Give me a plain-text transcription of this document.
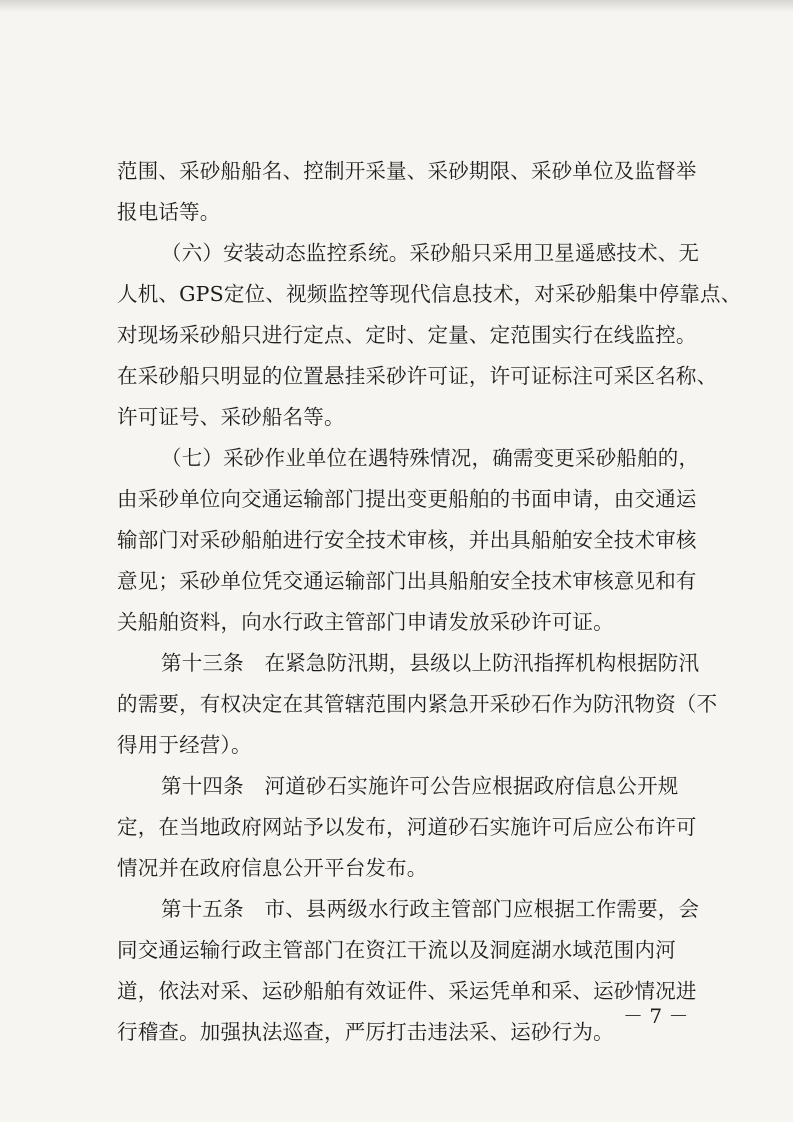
范围、采砂船船名、控制开采量、采砂期限、采砂单位及监督举
报电话等。
（六）安装动态监控系统。采砂船只采用卫星遥感技术、无
人机、GPS定位、视频监控等现代信息技术，对采砂船集中停靠点、
对现场采砂船只进行定点、定时、定量、定范围实行在线监控。
在采砂船只明显的位置悬挂采砂许可证，许可证标注可采区名称、
许可证号、采砂船名等。
（七）采砂作业单位在遇特殊情况，确需变更采砂船舶的，
由采砂单位向交通运输部门提出变更船舶的书面申请，由交通运
输部门对采砂船舶进行安全技术审核，并出具船舶安全技术审核
意见；采砂单位凭交通运输部门出具船舶安全技术审核意见和有
关船舶资料，向水行政主管部门申请发放采砂许可证。
第十三条　在紧急防汛期，县级以上防汛指挥机构根据防汛
的需要，有权决定在其管辖范围内紧急开采砂石作为防汛物资（不
得用于经营）。
第十四条　河道砂石实施许可公告应根据政府信息公开规
定，在当地政府网站予以发布，河道砂石实施许可后应公布许可
情况并在政府信息公开平台发布。
第十五条　市、县两级水行政主管部门应根据工作需要，会
同交通运输行政主管部门在资江干流以及洞庭湖水域范围内河
道，依法对采、运砂船舶有效证件、采运凭单和采、运砂情况进
行稽查。加强执法巡查，严厉打击违法采、运砂行为。
－ 7 －
